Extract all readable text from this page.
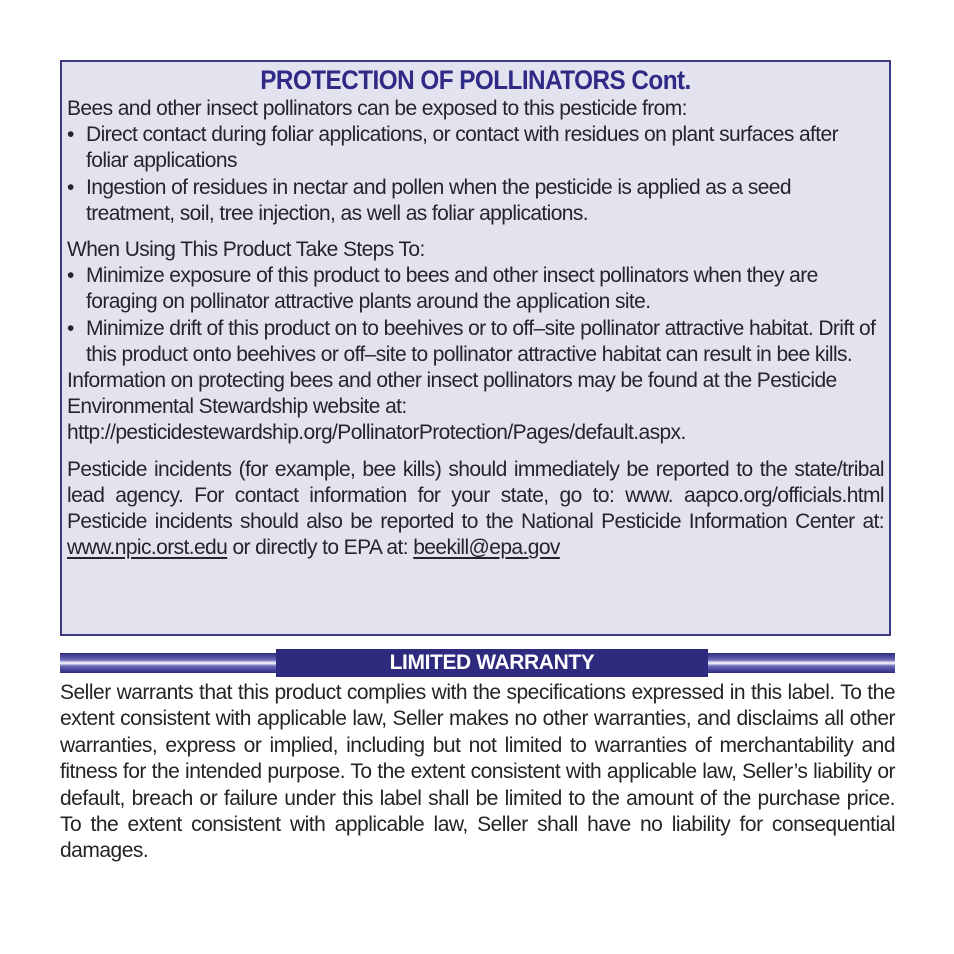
PROTECTION OF POLLINATORS Cont.

Bees and other insect pollinators can be exposed to this pesticide from:

• Direct contact during foliar applications, or contact with residues on plant surfaces after foliar applications
• Ingestion of residues in nectar and pollen when the pesticide is applied as a seed treatment, soil, tree injection, as well as foliar applications.

When Using This Product Take Steps To:

• Minimize exposure of this product to bees and other insect pollinators when they are foraging on pollinator attractive plants around the application site.
• Minimize drift of this product on to beehives or to off–site pollinator attractive habitat. Drift of this product onto beehives or off–site to pollinator attractive habitat can result in bee kills.

Information on protecting bees and other insect pollinators may be found at the Pesticide Environmental Stewardship website at:

http://pesticidestewardship.org/PollinatorProtection/Pages/default.aspx.

Pesticide incidents (for example, bee kills) should immediately be reported to the state/tribal lead agency. For contact information for your state, go to: www. aapco.org/officials.html Pesticide incidents should also be reported to the National Pesticide Information Center at: www.npic.orst.edu or directly to EPA at: beekill@epa.gov

LIMITED WARRANTY

Seller warrants that this product complies with the specifications expressed in this label. To the extent consistent with applicable law, Seller makes no other warranties, and disclaims all other warranties, express or implied, including but not limited to warranties of merchantability and fitness for the intended purpose. To the extent consistent with applicable law, Seller’s liability or default, breach or failure under this label shall be limited to the amount of the purchase price. To the extent consistent with applicable law, Seller shall have no liability for consequential damages.
